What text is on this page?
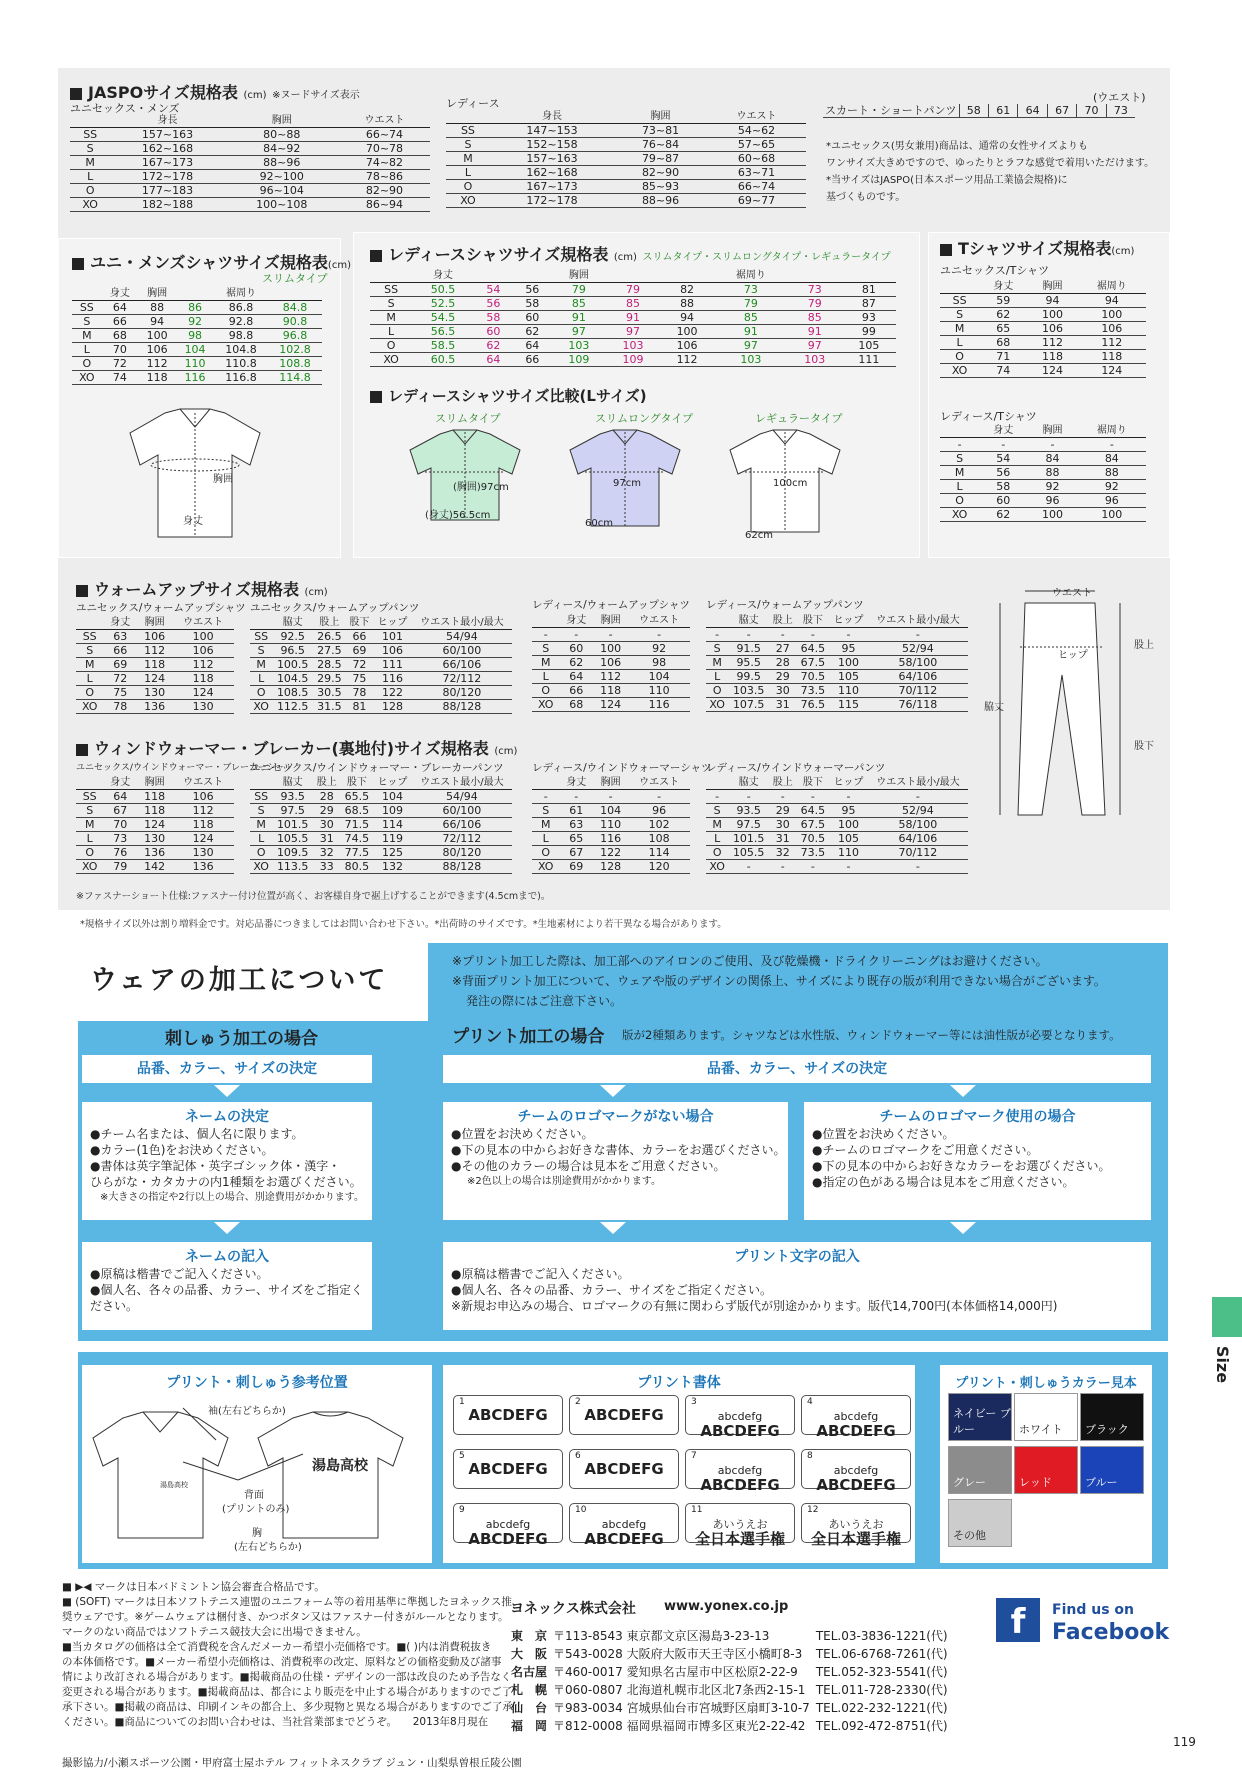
JASPOサイズ規格表 (cm) ※ヌードサイズ表示
ユニセックス・メンズ
	身長	胸囲	ウエスト
SS	157~163	80~88	66~74
S	162~168	84~92	70~78
M	167~173	88~96	74~82
L	172~178	92~100	78~86
O	177~183	96~104	82~90
XO	182~188	100~108	86~94
レディース
	身長	胸囲	ウエスト
SS	147~153	73~81	54~62
S	152~158	76~84	57~65
M	157~163	79~87	60~68
L	162~168	82~90	63~71
O	167~173	85~93	66~74
XO	172~178	88~96	69~77
(ウエスト)
スカート・ショートパンツ	58	61	64	67	70	73
*ユニセックス(男女兼用)商品は、通常の女性サイズよりも
ワンサイズ大きめですので、ゆったりとラフな感覚で着用いただけます。
*当サイズはJASPO(日本スポーツ用品工業協会規格)に
基づくものです。
ユニ・メンズシャツサイズ規格表(cm)
スリムタイプ
	身丈	胸囲		裾周り	
SS	64	88	86	86.8	84.8
S	66	94	92	92.8	90.8
M	68	100	98	98.8	96.8
L	70	106	104	104.8	102.8
O	72	112	110	110.8	108.8
XO	74	118	116	116.8	114.8
胸囲
身丈
レディースシャツサイズ規格表 (cm) スリムタイプ・スリムロングタイプ・レギュラータイプ
	身丈			胸囲			裾周り		
SS	50.5	54	56	79	79	82	73	73	81
S	52.5	56	58	85	85	88	79	79	87
M	54.5	58	60	91	91	94	85	85	93
L	56.5	60	62	97	97	100	91	91	99
O	58.5	62	64	103	103	106	97	97	105
XO	60.5	64	66	109	109	112	103	103	111
レディースシャツサイズ比較(Lサイズ)
スリムタイプ
(胸囲)97cm
(身丈)56.5cm
スリムロングタイプ
97cm
60cm
レギュラータイプ
100cm
62cm
Tシャツサイズ規格表(cm)
ユニセックス/Tシャツ
	身丈	胸囲	裾周り
SS	59	94	94
S	62	100	100
M	65	106	106
L	68	112	112
O	71	118	118
XO	74	124	124
レディース/Tシャツ
	身丈	胸囲	裾周り
-	-	-	-
S	54	84	84
M	56	88	88
L	58	92	92
O	60	96	96
XO	62	100	100
ウォームアップサイズ規格表 (cm)
ユニセックス/ウォームアップシャツ
	身丈	胸囲	ウエスト
SS	63	106	100
S	66	112	106
M	69	118	112
L	72	124	118
O	75	130	124
XO	78	136	130
ユニセックス/ウォームアップパンツ
	脇丈	股上	股下	ヒップ	ウエスト最小/最大
SS	92.5	26.5	66	101	54/94
S	96.5	27.5	69	106	60/100
M	100.5	28.5	72	111	66/106
L	104.5	29.5	75	116	72/112
O	108.5	30.5	78	122	80/120
XO	112.5	31.5	81	128	88/128
レディース/ウォームアップシャツ
	身丈	胸囲	ウエスト
-	-	-	-
S	60	100	92
M	62	106	98
L	64	112	104
O	66	118	110
XO	68	124	116
レディース/ウォームアップパンツ
	脇丈	股上	股下	ヒップ	ウエスト最小/最大
-	-	-	-	-	-
S	91.5	27	64.5	95	52/94
M	95.5	28	67.5	100	58/100
L	99.5	29	70.5	105	64/106
O	103.5	30	73.5	110	70/112
XO	107.5	31	76.5	115	76/118
ウエスト
ヒップ
股上
脇丈
股下
ウィンドウォーマー・ブレーカー(裏地付)サイズ規格表 (cm)
ユニセックス/ウインドウォーマー・ブレーカーシャツ
	身丈	胸囲	ウエスト
SS	64	118	106
S	67	118	112
M	70	124	118
L	73	130	124
O	76	136	130
XO	79	142	136
ユニセックス/ウインドウォーマー・ブレーカーパンツ
	脇丈	股上	股下	ヒップ	ウエスト最小/最大
SS	93.5	28	65.5	104	54/94
S	97.5	29	68.5	109	60/100
M	101.5	30	71.5	114	66/106
L	105.5	31	74.5	119	72/112
O	109.5	32	77.5	125	80/120
XO	113.5	33	80.5	132	88/128
レディース/ウインドウォーマーシャツ
	身丈	胸囲	ウエスト
-	-	-	-
S	61	104	96
M	63	110	102
L	65	116	108
O	67	122	114
XO	69	128	120
レディース/ウインドウォーマーパンツ
	脇丈	股上	股下	ヒップ	ウエスト最小/最大
-	-	-	-	-	-
S	93.5	29	64.5	95	52/94
M	97.5	30	67.5	100	58/100
L	101.5	31	70.5	105	64/106
O	105.5	32	73.5	110	70/112
XO	-	-	-	-	-
※ファスナーショート仕様:ファスナー付け位置が高く、お客様自身で裾上げすることができます(4.5cmまで)。
*規格サイズ以外は割り増料金です。対応品番につきましてはお問い合わせ下さい。*出荷時のサイズです。*生地素材により若干異なる場合があります。
ウェアの加工について
※プリント加工した際は、加工部へのアイロンのご使用、及び乾燥機・ドライクリーニングはお避けください。
※背面プリント加工について、ウェアや版のデザインの関係上、サイズにより既存の版が利用できない場合がございます。
発注の際にはご注意下さい。
刺しゅう加工の場合	プリント加工の場合 版が2種類あります。シャツなどは水性版、ウィンドウォーマー等には油性版が必要となります。
品番、カラー、サイズの決定	品番、カラー、サイズの決定
ネームの決定
●チーム名または、個人名に限ります。
●カラー(1色)をお決めください。
●書体は英字筆記体・英字ゴシック体・漢字・
ひらがな・カタカナの内1種類をお選びください。
※大きさの指定や2行以上の場合、別途費用がかかります。
チームのロゴマークがない場合
●位置をお決めください。
●下の見本の中からお好きな書体、カラーをお選びください。
●その他のカラーの場合は見本をご用意ください。
※2色以上の場合は別途費用がかかります。
チームのロゴマーク使用の場合
●位置をお決めください。
●チームのロゴマークをご用意ください。
●下の見本の中からお好きなカラーをお選びください。
●指定の色がある場合は見本をご用意ください。
ネームの記入
●原稿は楷書でご記入ください。
●個人名、各々の品番、カラー、サイズをご指定ください。
プリント文字の記入
●原稿は楷書でご記入ください。
●個人名、各々の品番、カラー、サイズをご指定ください。
※新規お申込みの場合、ロゴマークの有無に関わらず版代が別途かかります。版代14,700円(本体価格14,000円)
プリント・刺しゅう参考位置
袖(左右どちらか)
湯島高校
湯島高校
背面
(プリントのみ)
胸
(左右どちらか)
プリント書体
1
ABCDEFG
2
ABCDEFG
3
abcdefg
ABCDEFG
4
abcdefg
ABCDEFG
5
ABCDEFG
6
ABCDEFG
7
abcdefg
ABCDEFG
8
abcdefg
ABCDEFG
9
abcdefg
ABCDEFG
10
abcdefg
ABCDEFG
11
あいうえお
全日本選手権
12
あいうえお
全日本選手権
プリント・刺しゅうカラー見本
ネイビー ブルー	ホワイト ブラック
グレー	レッド	ブルー
その他
■ ▶◀ マークは日本バドミントン協会審査合格品です。
■ (SOFT) マークは日本ソフトテニス連盟のユニフォーム等の着用基準に準拠したヨネックス推
奨ウェアです。※ゲームウェアは梱付き、かつボタン又はファスナー付きがルールとなります。
マークのない商品ではソフトテニス競技大会に出場できません。
■当カタログの価格は全て消費税を含んだメーカー希望小売価格です。■( )内は消費税抜き
の本体価格です。■メーカー希望小売価格は、消費税率の改定、原料などの価格変動及び諸事
情により改訂される場合があります。■掲載商品の仕様・デザインの一部は改良のため予告なく
変更される場合があります。■掲載商品は、都合により販売を中止する場合がありますのでご了
承下さい。■掲載の商品は、印刷インキの都合上、多少現物と異なる場合がありますのでご了承
ください。■商品についてのお問い合わせは、当社営業部までどうぞ。　　2013年8月現在
撮影協力/小瀬スポーツ公園・甲府富士屋ホテル フィットネスクラブ ジュン・山梨県曽根丘陵公園
ヨネックス株式会社 www.yonex.co.jp
東　京	〒113-8543 東京都文京区湯島3-23-13	TEL.03-3836-1221(代)
大　阪	〒543-0028 大阪府大阪市天王寺区小橋町8-3	TEL.06-6768-7261(代)
名古屋	〒460-0017 愛知県名古屋市中区松原2-22-9	TEL.052-323-5541(代)
札　幌	〒060-0807 北海道札幌市北区北7条西2-15-1	TEL.011-728-2330(代)
仙　台	〒983-0034 宮城県仙台市宮城野区扇町3-10-7	TEL.022-232-1221(代)
福　岡	〒812-0008 福岡県福岡市博多区東光2-22-42	TEL.092-472-8751(代)
f	Find us on
Facebook
Size
119
